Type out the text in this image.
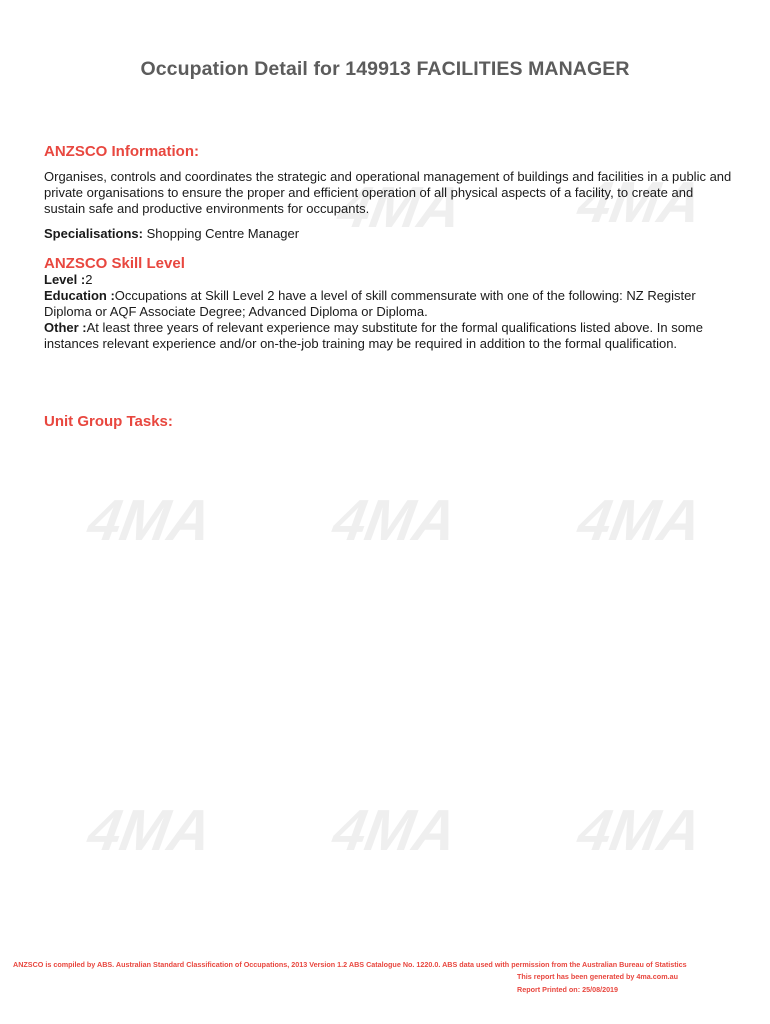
4MA 4MA
4MA 4MA 4MA
4MA 4MA 4MA
Occupation Detail for 149913 FACILITIES MANAGER
ANZSCO Information:
Organises, controls and coordinates the strategic and operational management of buildings and facilities in a public and private organisations to ensure the proper and efficient operation of all physical aspects of a facility, to create and sustain safe and productive environments for occupants.
Specialisations: Shopping Centre Manager
ANZSCO Skill Level
Level :2
Education :Occupations at Skill Level 2 have a level of skill commensurate with one of the following: NZ Register Diploma or AQF Associate Degree; Advanced Diploma or Diploma.
Other :At least three years of relevant experience may substitute for the formal qualifications listed above. In some instances relevant experience and/or on-the-job training may be required in addition to the formal qualification.
Unit Group Tasks:
ANZSCO is compiled by ABS. Australian Standard Classification of Occupations, 2013 Version 1.2 ABS Catalogue No. 1220.0. ABS data used with permission from the Australian Bureau of Statistics
This report has been generated by 4ma.com.au
Report Printed on: 25/08/2019
